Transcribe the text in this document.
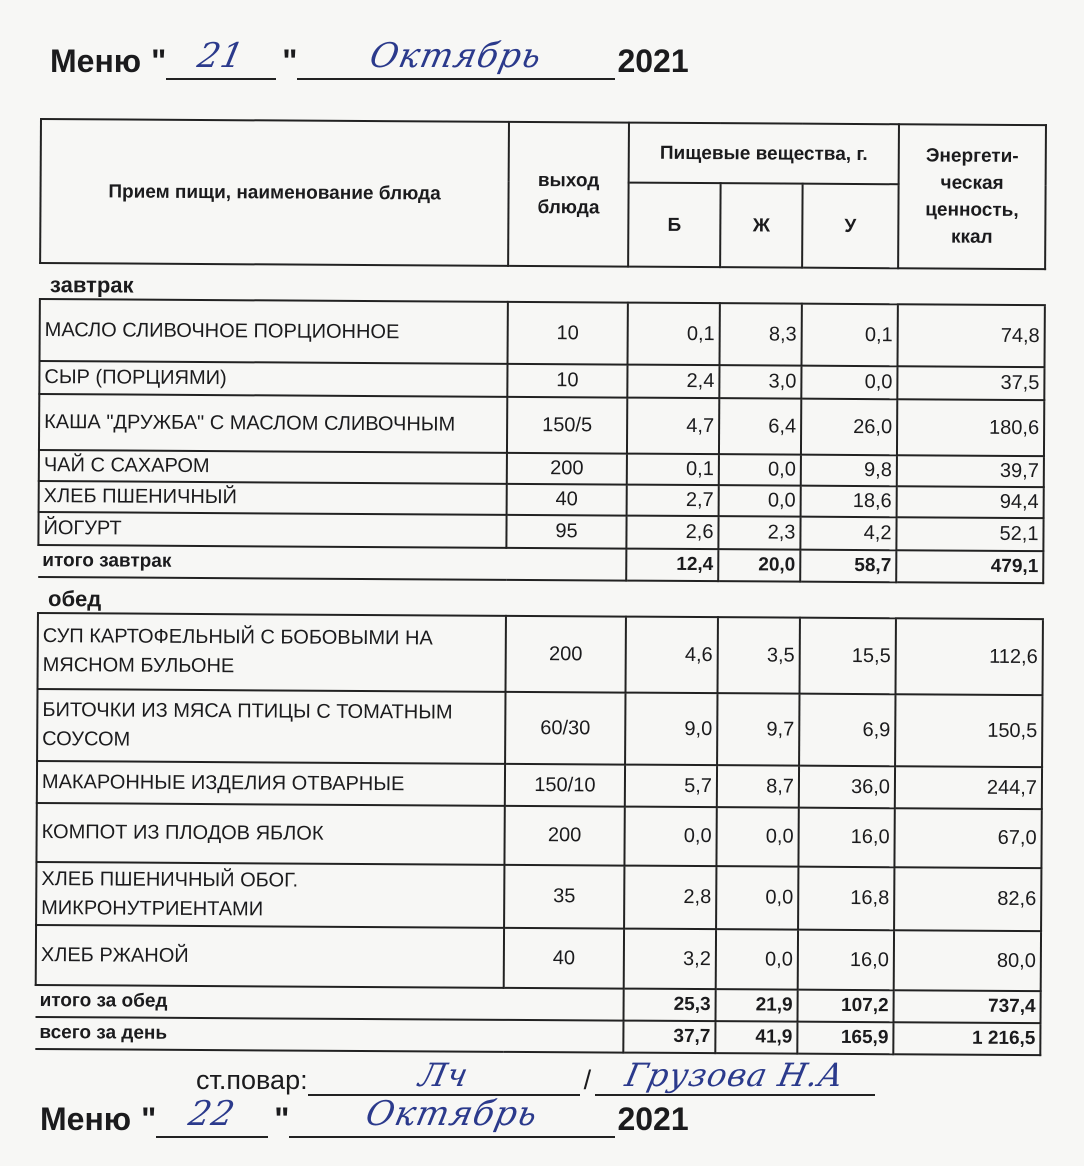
Меню " 21	"	Октябрь	2021
Прием пищи, наименование блюда	выход блюда	Пищевые вещества, г.			Энергети- ческая ценность, ккал
		Б	Ж	У	
завтрак					
МАСЛО СЛИВОЧНОЕ ПОРЦИОННОЕ	10	0,1	8,3	0,1	74,8
СЫР (ПОРЦИЯМИ)	10	2,4	3,0	0,0	37,5
КАША "ДРУЖБА" С МАСЛОМ СЛИВОЧНЫМ	150/5	4,7	6,4	26,0	180,6
ЧАЙ С САХАРОМ	200	0,1	0,0	9,8	39,7
ХЛЕБ ПШЕНИЧНЫЙ	40	2,7	0,0	18,6	94,4
ЙОГУРТ	95	2,6	2,3	4,2	52,1
итого завтрак		12,4	20,0	58,7	479,1
обед					
СУП КАРТОФЕЛЬНЫЙ С БОБОВЫМИ НА МЯСНОМ БУЛЬОНЕ	200	4,6	3,5	15,5	112,6
БИТОЧКИ ИЗ МЯСА ПТИЦЫ С ТОМАТНЫМ СОУСОМ	60/30	9,0	9,7	6,9	150,5
МАКАРОННЫЕ ИЗДЕЛИЯ ОТВАРНЫЕ	150/10	5,7	8,7	36,0	244,7
КОМПОТ ИЗ ПЛОДОВ ЯБЛОК	200	0,0	0,0	16,0	67,0
ХЛЕБ ПШЕНИЧНЫЙ ОБОГ. МИКРОНУТРИЕНТАМИ	35	2,8	0,0	16,8	82,6
ХЛЕБ РЖАНОЙ	40	3,2	0,0	16,0	80,0
итого за обед		25,3	21,9	107,2	737,4
всего за день		37,7	41,9	165,9	1 216,5
ст.повар:	Лч	/ Грузова Н.А
Меню " 22	"	Октябрь	2021
